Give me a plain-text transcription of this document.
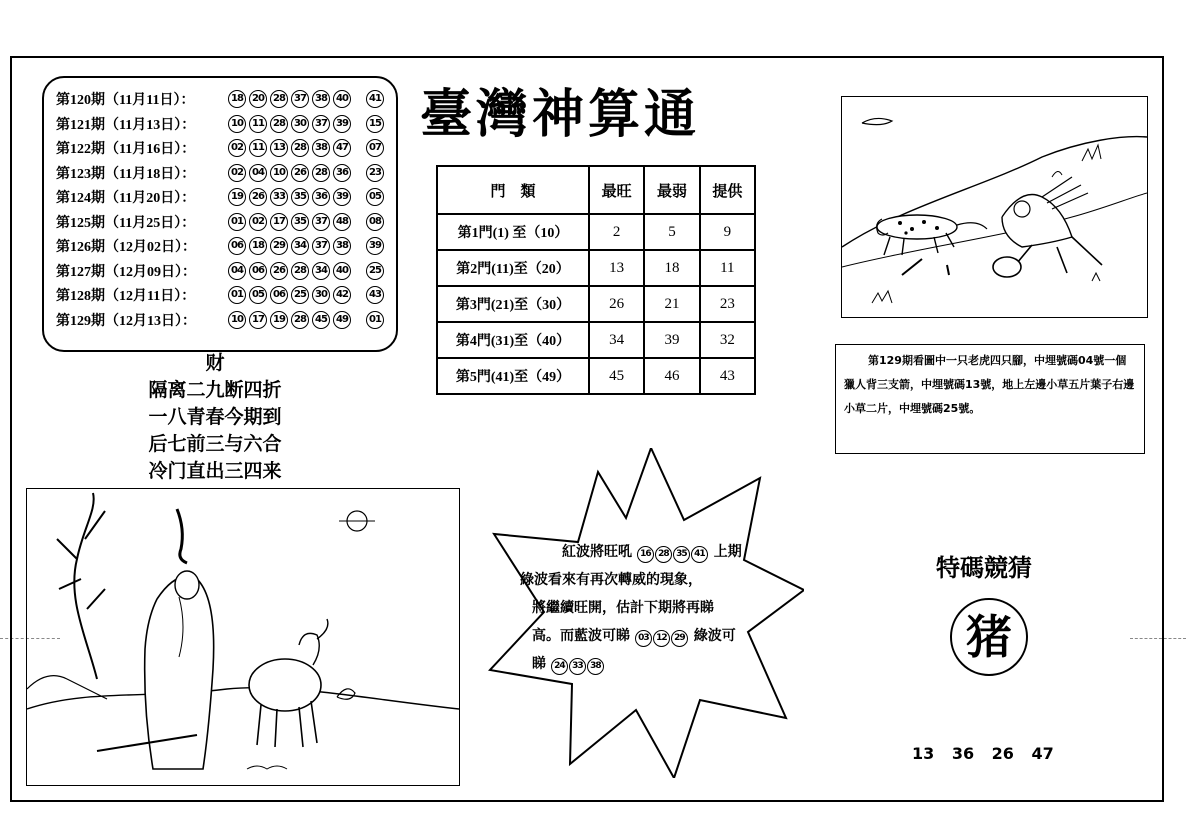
第120期（11月11日）：	18 20 28 37 38 40	41
第121期（11月13日）：	10 11 28 30 37 39	15
第122期（11月16日）：	02 11 13 28 38 47	07
第123期（11月18日）：	02 04 10 26 28 36	23
第124期（11月20日）：	19 26 33 35 36 39	05
第125期（11月25日）：	01 02 17 35 37 48	08
第126期（12月02日）：	06 18 29 34 37 38	39
第127期（12月09日）：	04 06 26 28 34 40	25
第128期（12月11日）：	01 05 06 25 30 42	43
第129期（12月13日）：	10 17 19 28 45 49	01
臺灣神算通
門　類	最旺	最弱	提供
第1門(1) 至（10）	2	5	9
第2門(11)至（20）	13	18	11
第3門(21)至（30）	26	21	23
第4門(31)至（40）	34	39	32
第5門(41)至（49）	45	46	43
财
隔离二九断四折
一八青春今期到
后七前三与六合
冷门直出三四来
第129期看圖中一只老虎四只腳，中埋號碼04號一個獵人背三支箭，中埋號碼13號，地上左邊小草五片葉子右邊小草二片，中埋號碼25號。
紅波將旺吼 16 28 35 41 上期
綠波看來有再次轉威的現象，
將繼續旺開，估計下期將再睇
高。而藍波可睇 03 12 29 綠波可
睇 24 33 38
特碼競猜
猪
13 36 26 47
